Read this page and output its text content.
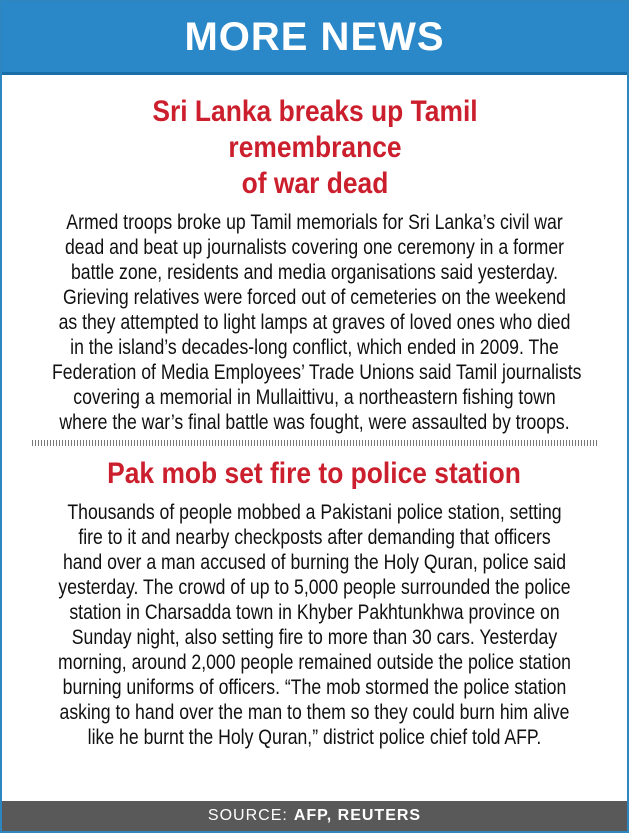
MORE NEWS
Sri Lanka breaks up Tamil remembrance
of war dead
Armed troops broke up Tamil memorials for Sri Lanka’s civil war
dead and beat up journalists covering one ceremony in a former
battle zone, residents and media organisations said yesterday.
Grieving relatives were forced out of cemeteries on the weekend
as they attempted to light lamps at graves of loved ones who died
in the island’s decades-long conflict, which ended in 2009. The
Federation of Media Employees’ Trade Unions said Tamil journalists
covering a memorial in Mullaittivu, a northeastern fishing town
where the war’s final battle was fought, were assaulted by troops.
Pak mob set fire to police station
Thousands of people mobbed a Pakistani police station, setting
fire to it and nearby checkposts after demanding that officers
hand over a man accused of burning the Holy Quran, police said
yesterday. The crowd of up to 5,000 people surrounded the police
station in Charsadda town in Khyber Pakhtunkhwa province on
Sunday night, also setting fire to more than 30 cars. Yesterday
morning, around 2,000 people remained outside the police station
burning uniforms of officers. “The mob stormed the police station
asking to hand over the man to them so they could burn him alive
like he burnt the Holy Quran,” district police chief told AFP.
SOURCE: AFP, REUTERS
